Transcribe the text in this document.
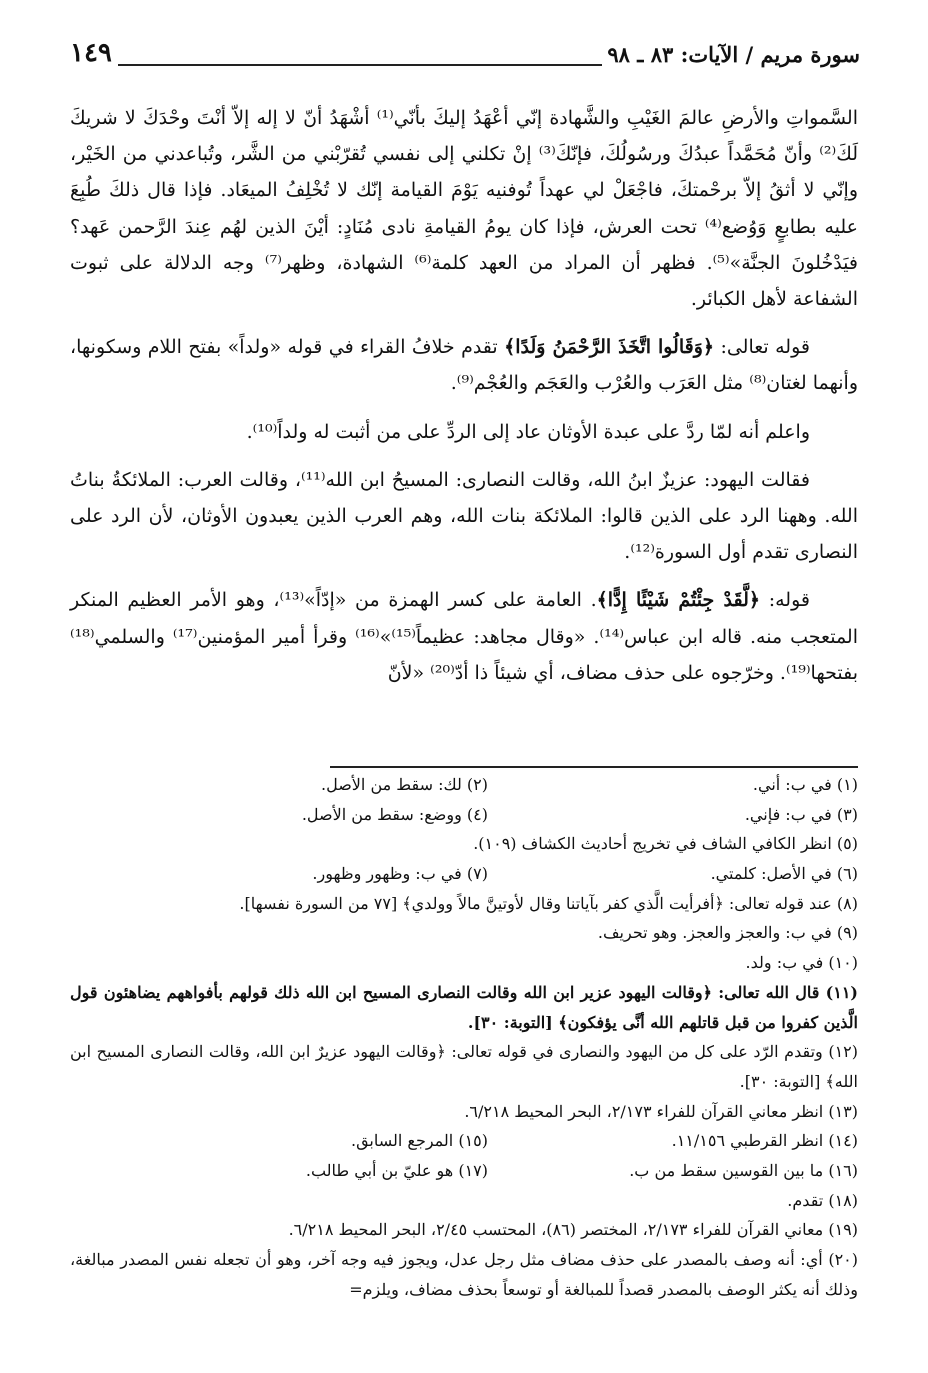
سورة مريم / الآيات: ٨٣ ـ ٩٨
١٤٩

السَّمواتِ والأرضِ عالمَ الغَيْبِ والشَّهادة إنّي أعْهَدُ إليكَ بأنّي⁽¹⁾ أشْهَدُ أنّ لا إله إلاّ أنْتَ وحْدَكَ لا شريكَ لَكَ⁽²⁾ وأنّ مُحَمَّداً عبدُكَ ورسُولُكَ، فإنّكَ⁽³⁾ إنْ تكلني إلى نفسي تُقرّبْني من الشَّر، وتُباعدني من الخَيْر، وإنّي لا أثقُ إلاّ برحْمتكَ، فاجْعَلْ لي عهداً تُوفنيه يَوْمَ القيامة إنّك لا تُخْلِفُ الميعَاد. فإذا قال ذلكَ طُبِعَ عليه بطابعٍ وَوُضع⁽⁴⁾ تحت العرش، فإذا كان يومُ القيامةِ نادى مُنَادٍ: أيْنَ الذين لهُم عِندَ الرَّحمن عَهد؟ فيَدْخُلونَ الجنَّة»⁽⁵⁾. فظهر أن المراد من العهد كلمة⁽⁶⁾ الشهادة، وظهر⁽⁷⁾ وجه الدلالة على ثبوت الشفاعة لأهل الكبائر.

قوله تعالى: ﴿وَقَالُوا اتَّخَذَ الرَّحْمَنُ وَلَدًا﴾ تقدم خلافُ القراء في قوله «ولداً» بفتح اللام وسكونها، وأنهما لغتان⁽⁸⁾ مثل العَرَب والعُرْب والعَجَم والعُجْم⁽⁹⁾.

واعلم أنه لمّا ردَّ على عبدة الأوثان عاد إلى الردِّ على من أثبت له ولداً⁽¹⁰⁾.

فقالت اليهود: عزيزٌ ابنُ الله، وقالت النصارى: المسيحُ ابن الله⁽¹¹⁾، وقالت العرب: الملائكةُ بناتُ الله. وههنا الرد على الذين قالوا: الملائكة بنات الله، وهم العرب الذين يعبدون الأوثان، لأن الرد على النصارى تقدم أول السورة⁽¹²⁾.

قوله: ﴿لَّقَدْ جِئْتُمْ شَيْئًا إِدًّا﴾. العامة على كسر الهمزة من «إدّاً»⁽¹³⁾، وهو الأمر العظيم المنكر المتعجب منه. قاله ابن عباس⁽¹⁴⁾. «وقال مجاهد: عظيماً⁽¹⁵⁾»⁽¹⁶⁾ وقرأ أمير المؤمنين⁽¹⁷⁾ والسلمي⁽¹⁸⁾ بفتحها⁽¹⁹⁾. وخرّجوه على حذف مضاف، أي شيئاً ذا أدّ⁽²⁰⁾ «لأنّ

(١) في ب: أني.
(٢) لك: سقط من الأصل.
(٣) في ب: فإني.
(٤) ووضع: سقط من الأصل.
(٥) انظر الكافي الشاف في تخريج أحاديث الكشاف (١٠٩).
(٦) في الأصل: كلمتي.
(٧) في ب: وظهور وظهور.
(٨) عند قوله تعالى: ﴿أفرأيت الَّذي كفر بآياتنا وقال لأوتينَّ مالاً وولدي﴾ [٧٧ من السورة نفسها].
(٩) في ب: والعجز والعجز. وهو تحريف.
(١٠) في ب: ولد.
(١١) قال الله تعالى: ﴿وقالت اليهود عزير ابن الله وقالت النصارى المسيح ابن الله ذلك قولهم بأفواههم يضاهئون قول الَّذين كفروا من قبل قاتلهم الله أنَّى يؤفكون﴾ [التوبة: ٣٠].
(١٢) وتقدم الرّد على كل من اليهود والنصارى في قوله تعالى: ﴿وقالت اليهود عزيرٌ ابن الله، وقالت النصارى المسيح ابن الله﴾ [التوبة: ٣٠].
(١٣) انظر معاني القرآن للفراء ٢/١٧٣، البحر المحيط ٦/٢١٨.
(١٤) انظر القرطبي ١١/١٥٦.
(١٥) المرجع السابق.
(١٦) ما بين القوسين سقط من ب.
(١٧) هو عليّ بن أبي طالب.
(١٨) تقدم.
(١٩) معاني القرآن للفراء ٢/١٧٣، المختصر (٨٦)، المحتسب ٢/٤٥، البحر المحيط ٦/٢١٨.
(٢٠) أي: أنه وصف بالمصدر على حذف مضاف مثل رجل عدل، ويجوز فيه وجه آخر، وهو أن تجعله نفس المصدر مبالغة، وذلك أنه يكثر الوصف بالمصدر قصداً للمبالغة أو توسعاً بحذف مضاف، ويلزم=
